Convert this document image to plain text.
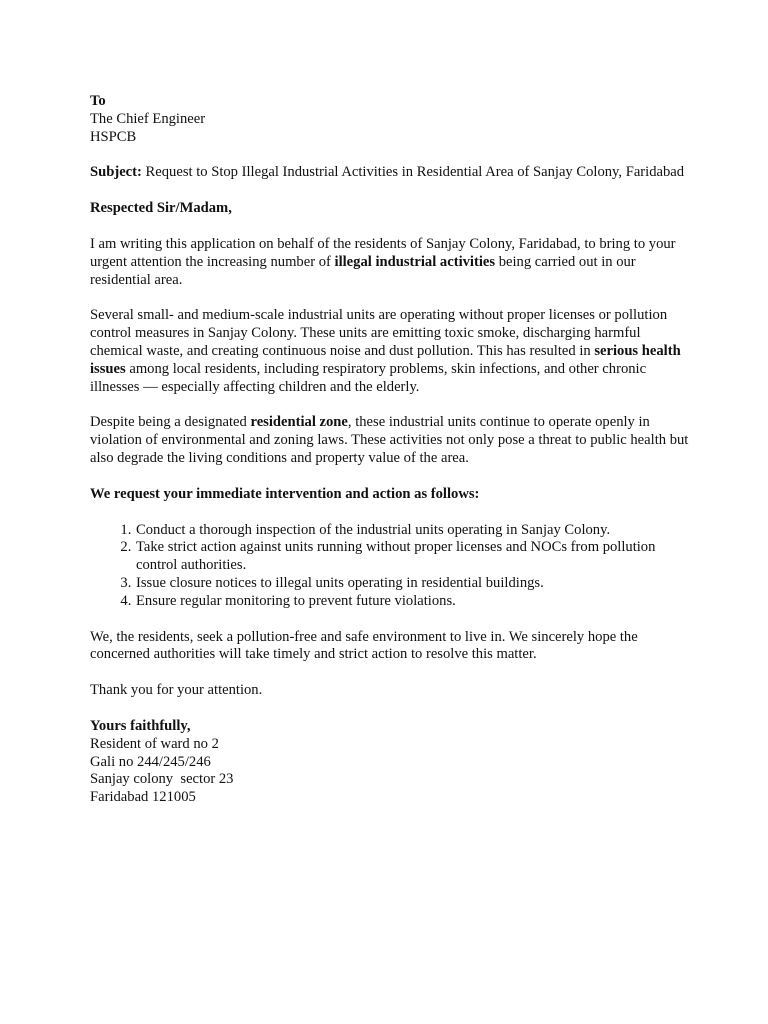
To
The Chief Engineer
HSPCB

Subject: Request to Stop Illegal Industrial Activities in Residential Area of Sanjay Colony, Faridabad

Respected Sir/Madam,

I am writing this application on behalf of the residents of Sanjay Colony, Faridabad, to bring to your urgent attention the increasing number of illegal industrial activities being carried out in our residential area.

Several small- and medium-scale industrial units are operating without proper licenses or pollution control measures in Sanjay Colony. These units are emitting toxic smoke, discharging harmful chemical waste, and creating continuous noise and dust pollution. This has resulted in serious health issues among local residents, including respiratory problems, skin infections, and other chronic illnesses — especially affecting children and the elderly.

Despite being a designated residential zone, these industrial units continue to operate openly in violation of environmental and zoning laws. These activities not only pose a threat to public health but also degrade the living conditions and property value of the area.

We request your immediate intervention and action as follows:

1. Conduct a thorough inspection of the industrial units operating in Sanjay Colony.
2. Take strict action against units running without proper licenses and NOCs from pollution control authorities.
3. Issue closure notices to illegal units operating in residential buildings.
4. Ensure regular monitoring to prevent future violations.

We, the residents, seek a pollution-free and safe environment to live in. We sincerely hope the concerned authorities will take timely and strict action to resolve this matter.

Thank you for your attention.

Yours faithfully,
Resident of ward no 2
Gali no 244/245/246
Sanjay colony  sector 23
Faridabad 121005
